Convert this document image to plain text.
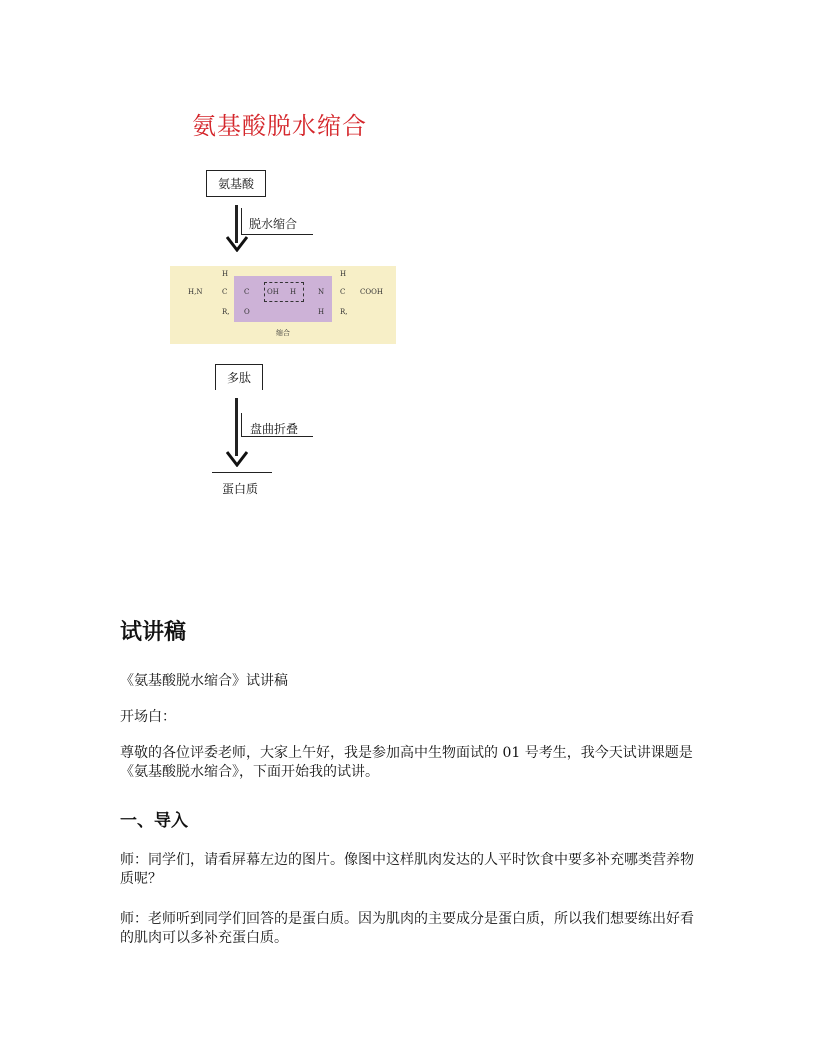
氨基酸脱水缩合
氨基酸
脱水缩合
H	H
H,N	C C	OH H	N C COOH
R, O	H R,
缩合
多肽
盘曲折叠
蛋白质
试讲稿
《氨基酸脱水缩合》试讲稿
开场白：
尊敬的各位评委老师，大家上午好，我是参加高中生物面试的 01 号考生，我今天试讲课题是《氨基酸脱水缩合》，下面开始我的试讲。
一、导入
师：同学们，请看屏幕左边的图片。像图中这样肌肉发达的人平时饮食中要多补充哪类营养物质呢？
师：老师听到同学们回答的是蛋白质。因为肌肉的主要成分是蛋白质，所以我们想要练出好看的肌肉可以多补充蛋白质。
